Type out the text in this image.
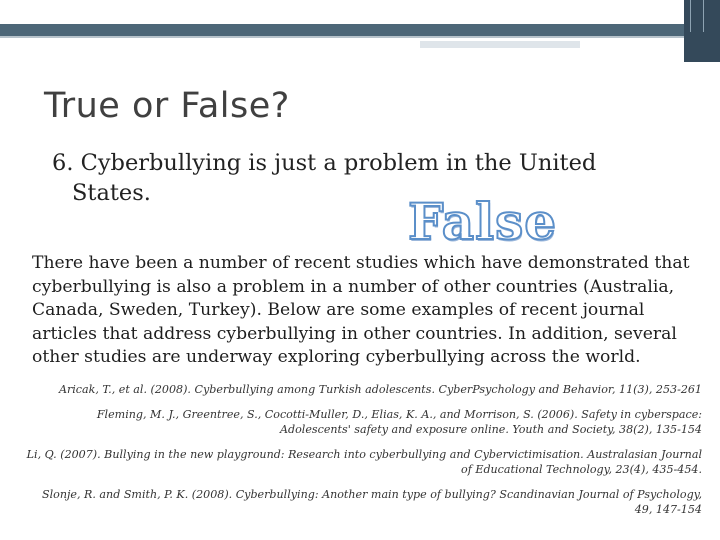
True or False?
6. Cyberbullying is just a problem in the United
States.	False
There have been a number of recent studies which have demonstrated that cyberbullying is also a problem in a number of other countries (Australia, Canada, Sweden, Turkey). Below are some examples of recent journal articles that address cyberbullying in other countries. In addition, several other studies are underway exploring cyberbullying across the world.

Aricak, T., et al. (2008). Cyberbullying among Turkish adolescents. CyberPsychology and Behavior, 11(3), 253-261

Fleming, M. J., Greentree, S., Cocotti-Muller, D., Elias, K. A., and Morrison, S. (2006). Safety in cyberspace: Adolescents' safety and exposure online. Youth and Society, 38(2), 135-154

Li, Q. (2007). Bullying in the new playground: Research into cyberbullying and Cybervictimisation. Australasian Journal of Educational Technology, 23(4), 435-454.

Slonje, R. and Smith, P. K. (2008). Cyberbullying: Another main type of bullying? Scandinavian Journal of Psychology, 49, 147-154
